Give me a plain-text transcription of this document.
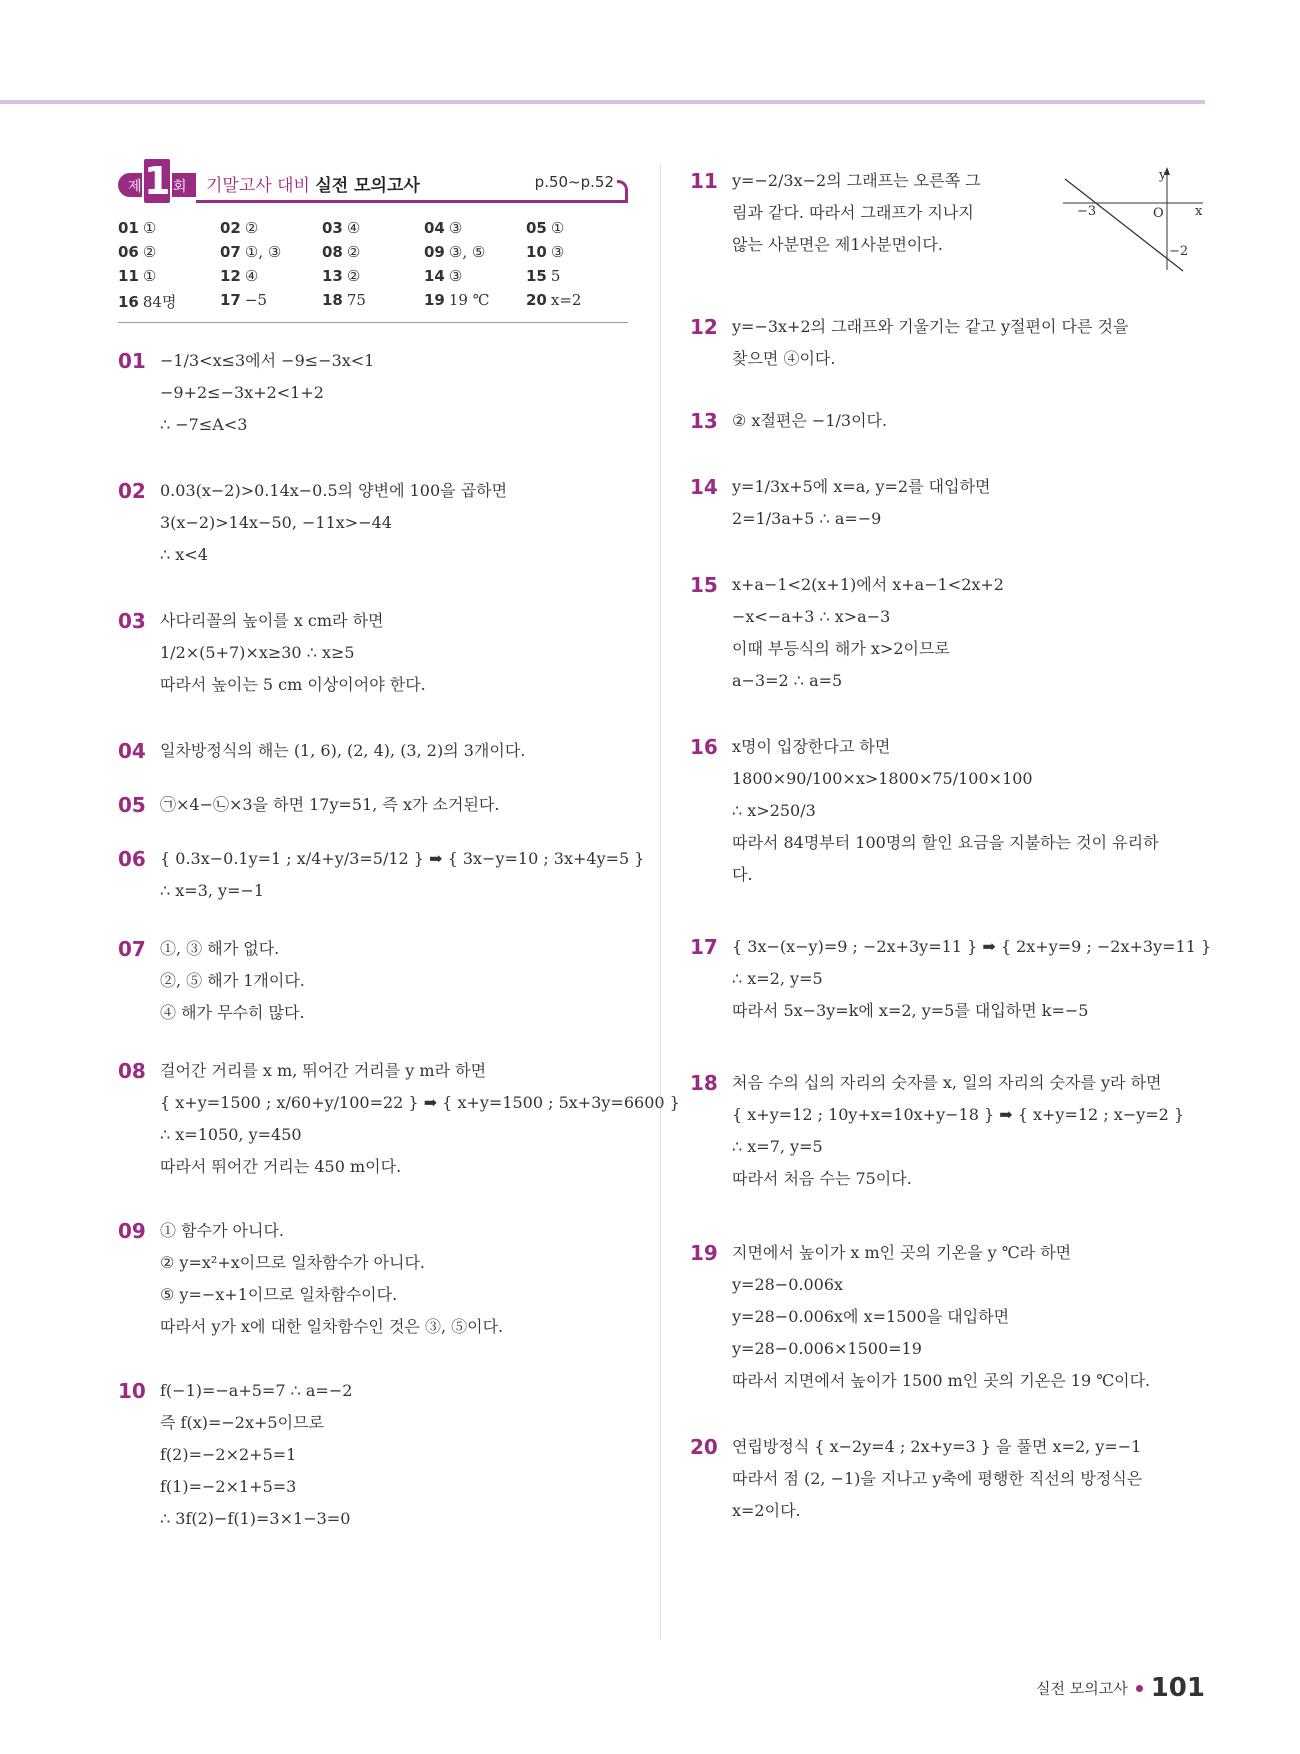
제 회
1 기말고사 대비 실전 모의고사	p.50~p.52
01 ①	02 ②	03 ④	04 ③	05 ①
06 ②	07 ①, ③	08 ②	09 ③, ⑤	10 ③
11 ①	12 ④	13 ②	14 ③	15 5
16 84명	17 −5	18 75	19 19 ℃	20 x=2
01 −1/3<x≤3에서 −9≤−3x<1
−9+2≤−3x+2<1+2
∴ −7≤A<3
02 0.03(x−2)>0.14x−0.5의 양변에 100을 곱하면
3(x−2)>14x−50, −11x>−44
∴ x<4
03 사다리꼴의 높이를 x cm라 하면
1/2×(5+7)×x≥30 ∴ x≥5
따라서 높이는 5 cm 이상이어야 한다.
04 일차방정식의 해는 (1, 6), (2, 4), (3, 2)의 3개이다.
05 ㉠×4−㉡×3을 하면 17y=51, 즉 x가 소거된다.
06 { 0.3x−0.1y=1 ; x/4+y/3=5/12 } ➡ { 3x−y=10 ; 3x+4y=5 }
∴ x=3, y=−1
07 ①, ③ 해가 없다.
②, ⑤ 해가 1개이다.
④ 해가 무수히 많다.
08 걸어간 거리를 x m, 뛰어간 거리를 y m라 하면
{ x+y=1500 ; x/60+y/100=22 } ➡ { x+y=1500 ; 5x+3y=6600 }
∴ x=1050, y=450
따라서 뛰어간 거리는 450 m이다.
09 ① 함수가 아니다.
② y=x²+x이므로 일차함수가 아니다.
⑤ y=−x+1이므로 일차함수이다.
따라서 y가 x에 대한 일차함수인 것은 ③, ⑤이다.
10 f(−1)=−a+5=7 ∴ a=−2
즉 f(x)=−2x+5이므로
f(2)=−2×2+5=1
f(1)=−2×1+5=3
∴ 3f(2)−f(1)=3×1−3=0
11 y=−2/3x−2의 그래프는 오른쪽 그
림과 같다. 따라서 그래프가 지나지
않는 사분면은 제1사분면이다.
y
x
O
−3
−2
12 y=−3x+2의 그래프와 기울기는 같고 y절편이 다른 것을
찾으면 ④이다.
13 ② x절편은 −1/3이다.
14 y=1/3x+5에 x=a, y=2를 대입하면
2=1/3a+5 ∴ a=−9
15 x+a−1<2(x+1)에서 x+a−1<2x+2
−x<−a+3 ∴ x>a−3
이때 부등식의 해가 x>2이므로
a−3=2 ∴ a=5
16 x명이 입장한다고 하면
1800×90/100×x>1800×75/100×100
∴ x>250/3
따라서 84명부터 100명의 할인 요금을 지불하는 것이 유리하
다.
17 { 3x−(x−y)=9 ; −2x+3y=11 } ➡ { 2x+y=9 ; −2x+3y=11 }
∴ x=2, y=5
따라서 5x−3y=k에 x=2, y=5를 대입하면 k=−5
18 처음 수의 십의 자리의 숫자를 x, 일의 자리의 숫자를 y라 하면
{ x+y=12 ; 10y+x=10x+y−18 } ➡ { x+y=12 ; x−y=2 }
∴ x=7, y=5
따라서 처음 수는 75이다.
19 지면에서 높이가 x m인 곳의 기온을 y ℃라 하면
y=28−0.006x
y=28−0.006x에 x=1500을 대입하면
y=28−0.006×1500=19
따라서 지면에서 높이가 1500 m인 곳의 기온은 19 ℃이다.
20 연립방정식 { x−2y=4 ; 2x+y=3 } 을 풀면 x=2, y=−1
따라서 점 (2, −1)을 지나고 y축에 평행한 직선의 방정식은
x=2이다.
실전 모의고사 101
